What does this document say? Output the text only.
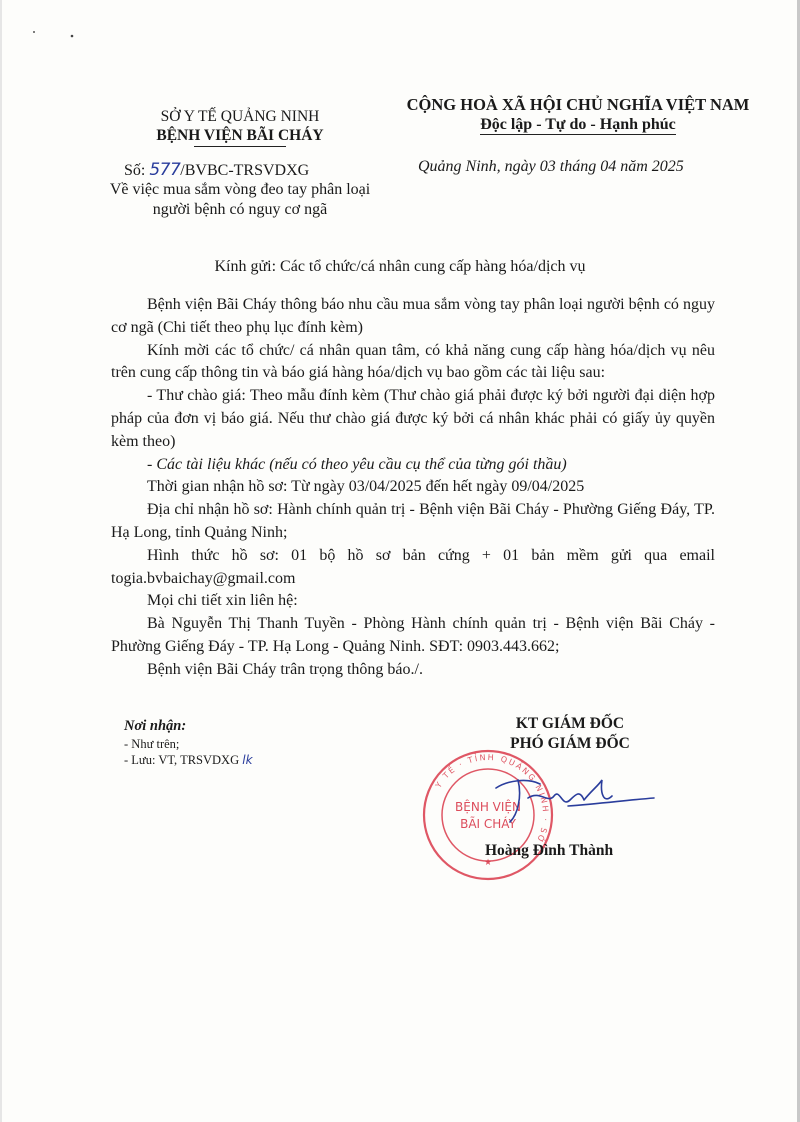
SỞ Y TẾ QUẢNG NINH
BỆNH VIỆN BÃI CHÁY
CỘNG HOÀ XÃ HỘI CHỦ NGHĨA VIỆT NAM
Độc lập - Tự do - Hạnh phúc
Số: 577/BVBC-TRSVDXG
Về việc mua sắm vòng đeo tay phân loại người bệnh có nguy cơ ngã
Quảng Ninh, ngày 03 tháng 04 năm 2025
Kính gửi: Các tổ chức/cá nhân cung cấp hàng hóa/dịch vụ

Bệnh viện Bãi Cháy thông báo nhu cầu mua sắm vòng tay phân loại người bệnh có nguy cơ ngã (Chi tiết theo phụ lục đính kèm)

Kính mời các tổ chức/ cá nhân quan tâm, có khả năng cung cấp hàng hóa/dịch vụ nêu trên cung cấp thông tin và báo giá hàng hóa/dịch vụ bao gồm các tài liệu sau:

- Thư chào giá: Theo mẫu đính kèm (Thư chào giá phải được ký bởi người đại diện hợp pháp của đơn vị báo giá. Nếu thư chào giá được ký bởi cá nhân khác phải có giấy ủy quyền kèm theo)

- Các tài liệu khác (nếu có theo yêu cầu cụ thể của từng gói thầu)

Thời gian nhận hồ sơ: Từ ngày 03/04/2025 đến hết ngày 09/04/2025

Địa chỉ nhận hồ sơ: Hành chính quản trị - Bệnh viện Bãi Cháy - Phường Giếng Đáy, TP. Hạ Long, tỉnh Quảng Ninh;

Hình thức hồ sơ: 01 bộ hồ sơ bản cứng + 01 bản mềm gửi qua email togia.bvbaichay@gmail.com

Mọi chi tiết xin liên hệ:

Bà Nguyễn Thị Thanh Tuyền - Phòng Hành chính quản trị - Bệnh viện Bãi Cháy - Phường Giếng Đáy - TP. Hạ Long - Quảng Ninh. SĐT: 0903.443.662;

Bệnh viện Bãi Cháy trân trọng thông báo./.

Nơi nhận:
- Như trên;
- Lưu: VT, TRSVDXG lk
Y TẾ · TỈNH QUẢNG NINH · SỞ
BỆNH VIỆN
BÃI CHÁY
★
KT GIÁM ĐỐC
PHÓ GIÁM ĐỐC
Hoàng Đình Thành
